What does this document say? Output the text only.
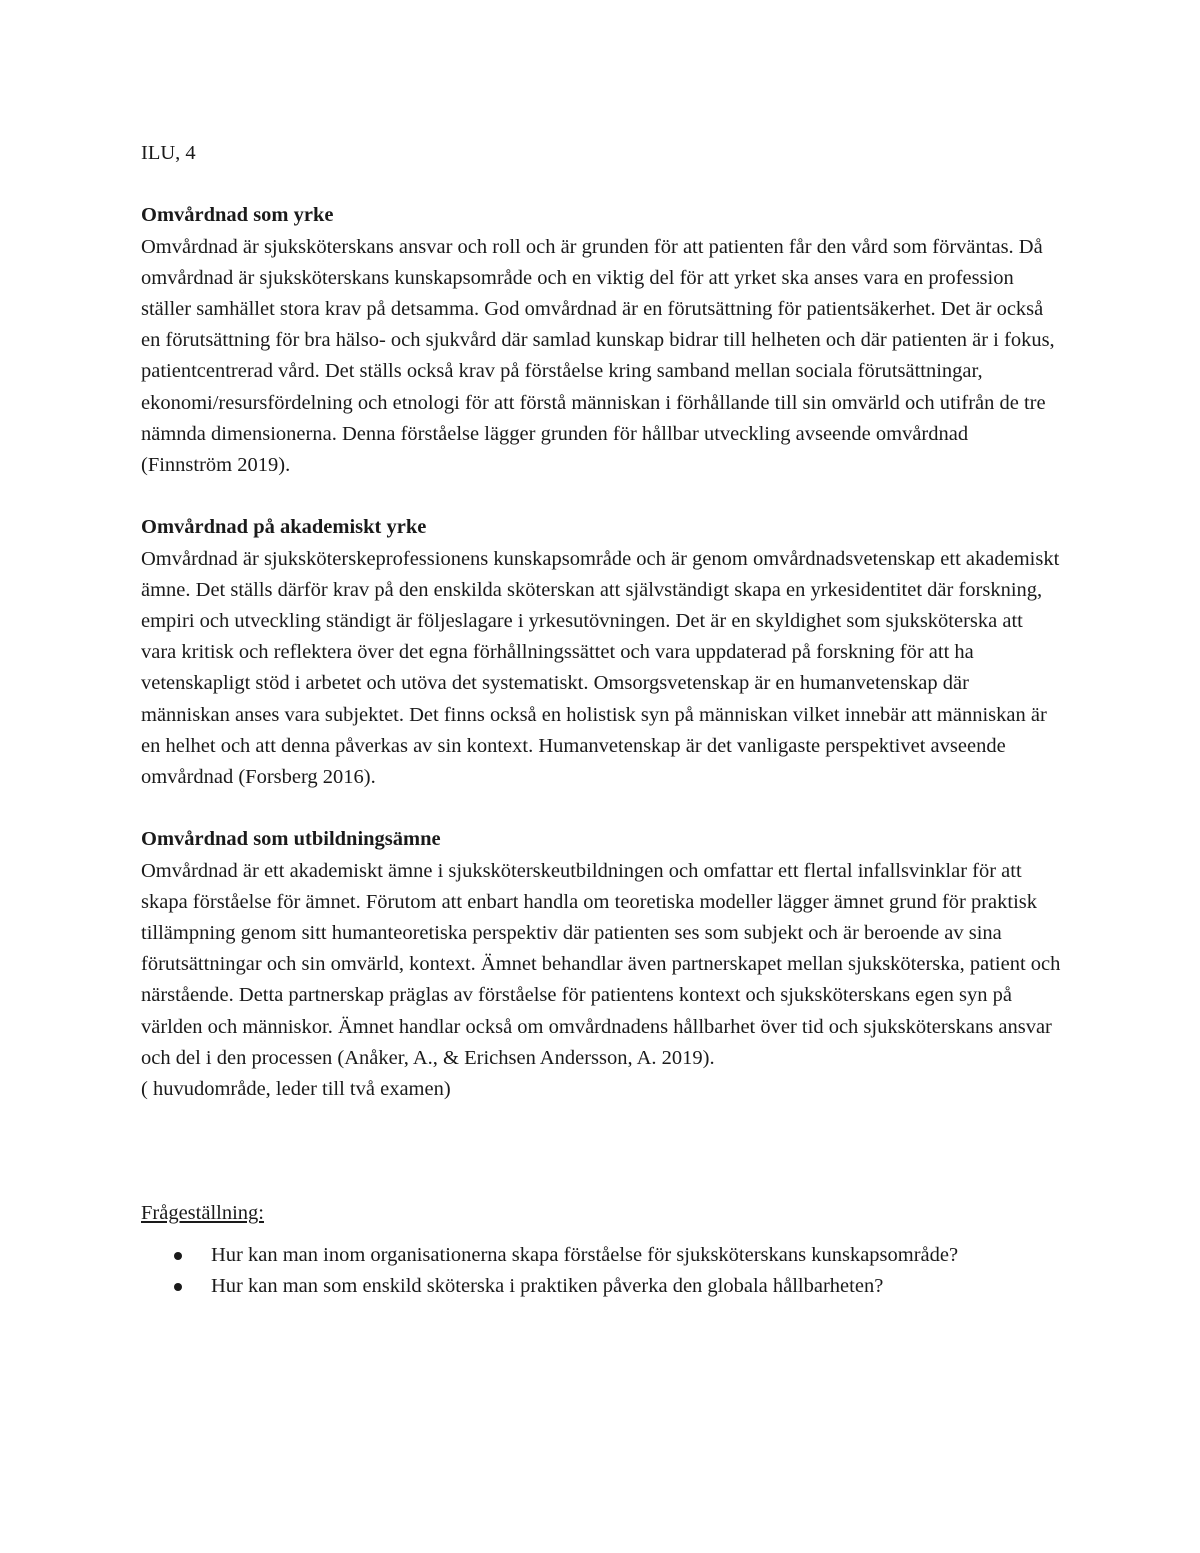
ILU, 4

Omvårdnad som yrke

Omvårdnad är sjuksköterskans ansvar och roll och är grunden för att patienten får den vård som förväntas. Då omvårdnad är sjuksköterskans kunskapsområde och en viktig del för att yrket ska anses vara en profession ställer samhället stora krav på detsamma. God omvårdnad är en förutsättning för patientsäkerhet. Det är också en förutsättning för bra hälso- och sjukvård där samlad kunskap bidrar till helheten och där patienten är i fokus, patientcentrerad vård. Det ställs också krav på förståelse kring samband mellan sociala förutsättningar, ekonomi/resursfördelning och etnologi för att förstå människan i förhållande till sin omvärld och utifrån de tre nämnda dimensionerna. Denna förståelse lägger grunden för hållbar utveckling avseende omvårdnad (Finnström 2019).

Omvårdnad på akademiskt yrke

Omvårdnad är sjuksköterskeprofessionens kunskapsområde och är genom omvårdnadsvetenskap ett akademiskt ämne. Det ställs därför krav på den enskilda sköterskan att självständigt skapa en yrkesidentitet där forskning, empiri och utveckling ständigt är följeslagare i yrkesutövningen. Det är en skyldighet som sjuksköterska att vara kritisk och reflektera över det egna förhållningssättet och vara uppdaterad på forskning för att ha vetenskapligt stöd i arbetet och utöva det systematiskt. Omsorgsvetenskap är en humanvetenskap där människan anses vara subjektet. Det finns också en holistisk syn på människan vilket innebär att människan är en helhet och att denna påverkas av sin kontext. Humanvetenskap är det vanligaste perspektivet avseende omvårdnad (Forsberg 2016).

Omvårdnad som utbildningsämne

Omvårdnad är ett akademiskt ämne i sjuksköterskeutbildningen och omfattar ett flertal infallsvinklar för att skapa förståelse för ämnet. Förutom att enbart handla om teoretiska modeller lägger ämnet grund för praktisk tillämpning genom sitt humanteoretiska perspektiv där patienten ses som subjekt och är beroende av sina förutsättningar och sin omvärld, kontext. Ämnet behandlar även partnerskapet mellan sjuksköterska, patient och närstående. Detta partnerskap präglas av förståelse för patientens kontext och sjuksköterskans egen syn på världen och människor. Ämnet handlar också om omvårdnadens hållbarhet över tid och sjuksköterskans ansvar och del i den processen (Anåker, A., & Erichsen Andersson, A. 2019).

( huvudområde, leder till två examen)

Frågeställning:

Hur kan man inom organisationerna skapa förståelse för sjuksköterskans kunskapsområde?
Hur kan man som enskild sköterska i praktiken påverka den globala hållbarheten?
